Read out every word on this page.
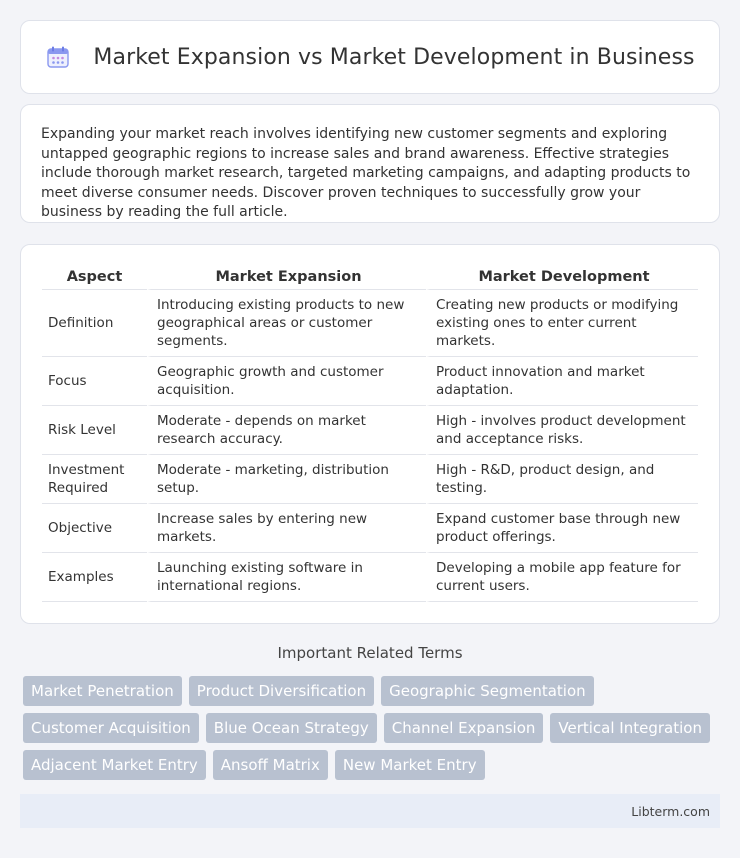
Market Expansion vs Market Development in Business

Expanding your market reach involves identifying new customer segments and exploring untapped geographic regions to increase sales and brand awareness. Effective strategies include thorough market research, targeted marketing campaigns, and adapting products to meet diverse consumer needs. Discover proven techniques to successfully grow your business by reading the full article.

Aspect	Market Expansion	Market Development
Definition	Introducing existing products to new geographical areas or customer segments.	Creating new products or modifying existing ones to enter current markets.
Focus	Geographic growth and customer acquisition.	Product innovation and market adaptation.
Risk Level	Moderate - depends on market research accuracy.	High - involves product development and acceptance risks.
Investment Required	Moderate - marketing, distribution setup.	High - R&D, product design, and testing.
Objective	Increase sales by entering new markets.	Expand customer base through new product offerings.
Examples	Launching existing software in international regions.	Developing a mobile app feature for current users.
Important Related Terms
Market Penetration	Product Diversification	Geographic Segmentation
Customer Acquisition	Blue Ocean Strategy	Channel Expansion	Vertical Integration
Adjacent Market Entry	Ansoff Matrix	New Market Entry
Libterm.com
